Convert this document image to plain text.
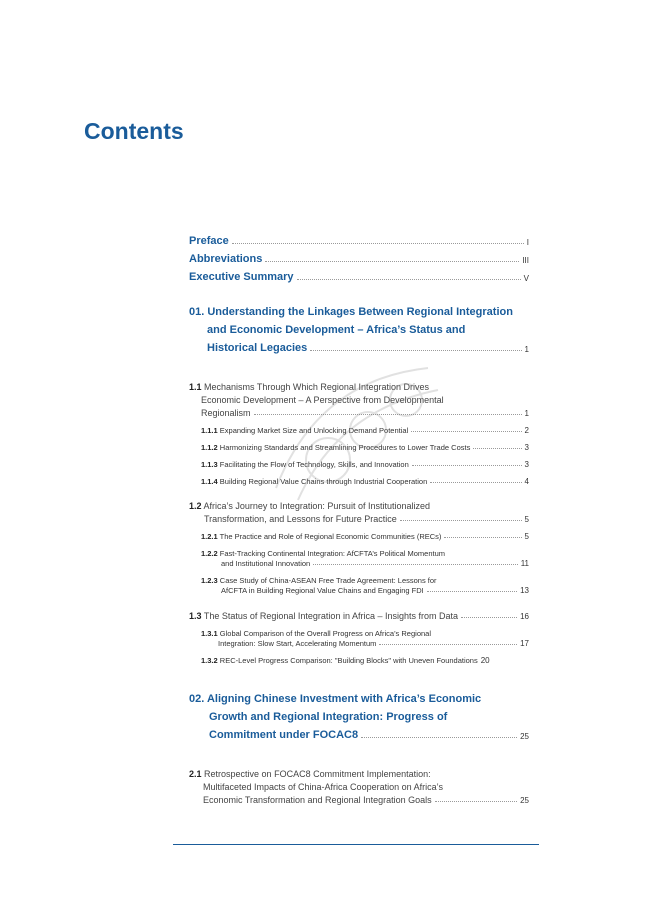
Contents
Preface	I
Abbreviations	III
Executive Summary	V
01. Understanding the Linkages Between Regional Integration
and Economic Development – Africa’s Status and
Historical Legacies	1
1.1 Mechanisms Through Which Regional Integration Drives
Economic Development – A Perspective from Developmental
Regionalism	1
1.1.1 Expanding Market Size and Unlocking Demand Potential	2
1.1.2 Harmonizing Standards and Streamlining Procedures to Lower Trade Costs	3
1.1.3 Facilitating the Flow of Technology, Skills, and Innovation	3
1.1.4 Building Regional Value Chains through Industrial Cooperation	4
1.2 Africa’s Journey to Integration: Pursuit of Institutionalized
Transformation, and Lessons for Future Practice	5
1.2.1 The Practice and Role of Regional Economic Communities (RECs)	5
1.2.2 Fast-Tracking Continental Integration: AfCFTA’s Political Momentum
and Institutional Innovation	11
1.2.3 Case Study of China-ASEAN Free Trade Agreement: Lessons for
AfCFTA in Building Regional Value Chains and Engaging FDI	13
1.3 The Status of Regional Integration in Africa – Insights from Data	16
1.3.1 Global Comparison of the Overall Progress on Africa’s Regional
Integration: Slow Start, Accelerating Momentum	17
1.3.2 REC-Level Progress Comparison: "Building Blocks" with Uneven Foundations 20
02. Aligning Chinese Investment with Africa’s Economic
Growth and Regional Integration: Progress of
Commitment under FOCAC8	25
2.1 Retrospective on FOCAC8 Commitment Implementation:
Multifaceted Impacts of China-Africa Cooperation on Africa’s
Economic Transformation and Regional Integration Goals	25
